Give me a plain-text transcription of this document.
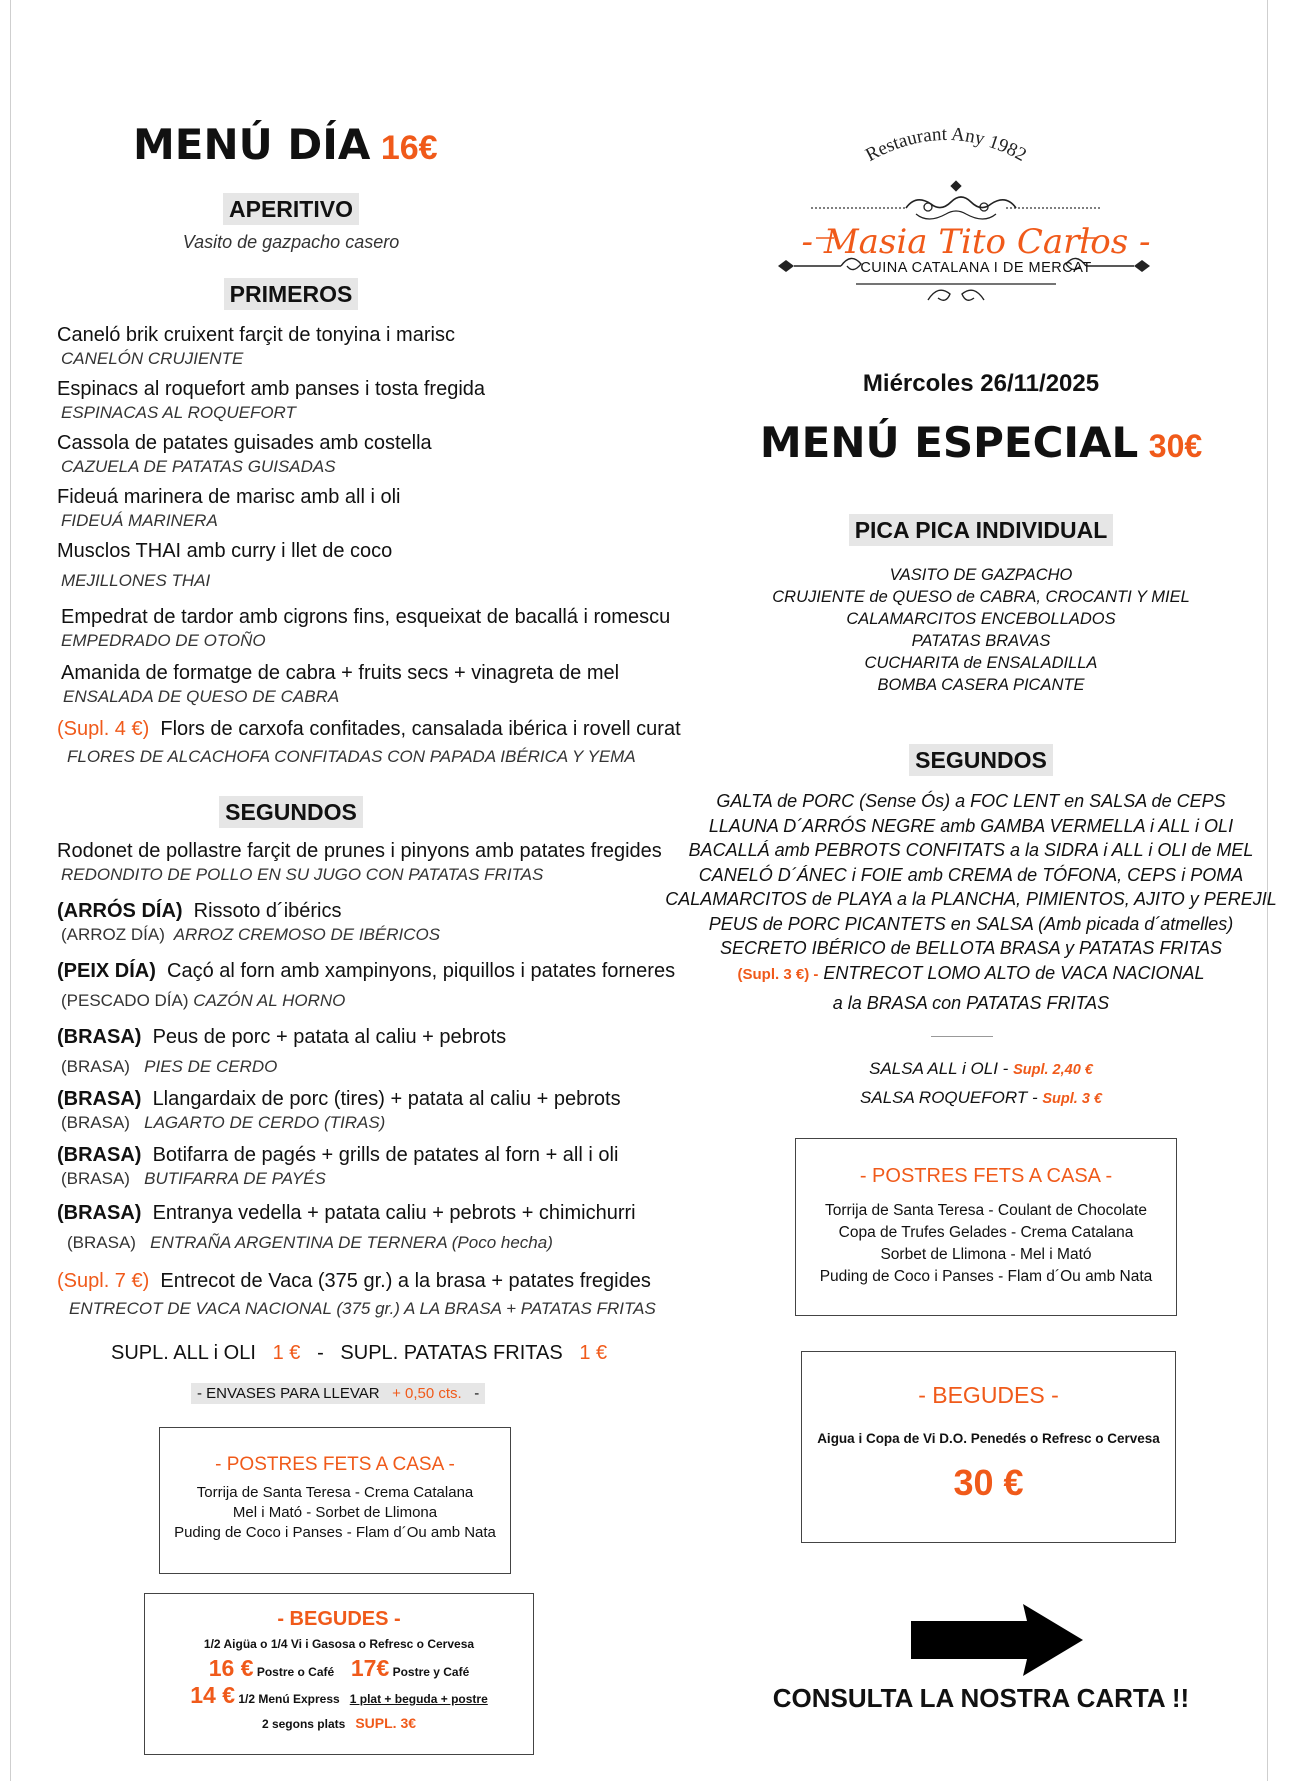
MENÚ DÍA 16€
APERITIVO
Vasito de gazpacho casero
PRIMEROS
Caneló brik cruixent farçit de tonyina i marisc
CANELÓN CRUJIENTE
Espinacs al roquefort amb panses i tosta fregida
ESPINACAS AL ROQUEFORT
Cassola de patates guisades amb costella
CAZUELA DE PATATAS GUISADAS
Fideuá marinera de marisc amb all i oli
FIDEUÁ MARINERA
Musclos THAI amb curry i llet de coco
MEJILLONES THAI
Empedrat de tardor amb cigrons fins, esqueixat de bacallá i romescu
EMPEDRADO DE OTOÑO
Amanida de formatge de cabra + fruits secs + vinagreta de mel
ENSALADA DE QUESO DE CABRA
(Supl. 4 €) Flors de carxofa confitades, cansalada ibérica i rovell curat
FLORES DE ALCACHOFA CONFITADAS CON PAPADA IBÉRICA Y YEMA
SEGUNDOS
Rodonet de pollastre farçit de prunes i pinyons amb patates fregides
REDONDITO DE POLLO EN SU JUGO CON PATATAS FRITAS
(ARRÓS DÍA) Rissoto d´ibérics
(ARROZ DÍA) ARROZ CREMOSO DE IBÉRICOS
(PEIX DÍA) Caçó al forn amb xampinyons, piquillos i patates forneres
(PESCADO DÍA) CAZÓN AL HORNO
(BRASA) Peus de porc + patata al caliu + pebrots
(BRASA) PIES DE CERDO
(BRASA) Llangardaix de porc (tires) + patata al caliu + pebrots
(BRASA) LAGARTO DE CERDO (TIRAS)
(BRASA) Botifarra de pagés + grills de patates al forn + all i oli
(BRASA) BUTIFARRA DE PAYÉS
(BRASA) Entranya vedella + patata caliu + pebrots + chimichurri
(BRASA) ENTRAÑA ARGENTINA DE TERNERA (Poco hecha)
(Supl. 7 €) Entrecot de Vaca (375 gr.) a la brasa + patates fregides
ENTRECOT DE VACA NACIONAL (375 gr.) A LA BRASA + PATATAS FRITAS
SUPL. ALL i OLI 1 € - SUPL. PATATAS FRITAS 1 €
- ENVASES PARA LLEVAR + 0,50 cts. -
- POSTRES FETS A CASA -
Torrija de Santa Teresa - Crema Catalana
Mel i Mató - Sorbet de Llimona
Puding de Coco i Panses - Flam d´Ou amb Nata
- BEGUDES -
1/2 Aigüa o 1/4 Vi i Gasosa o Refresc o Cervesa
16 € Postre o Café 17€ Postre y Café
14 € 1/2 Menú Express 1 plat + beguda + postre
2 segons plats SUPL. 3€
Restaurant Any 1982
- Masia Tito Carlos -
CUINA CATALANA I DE MERCAT
Miércoles 26/11/2025
MENÚ ESPECIAL 30€
PICA PICA INDIVIDUAL
VASITO DE GAZPACHO
CRUJIENTE de QUESO de CABRA, CROCANTI Y MIEL
CALAMARCITOS ENCEBOLLADOS
PATATAS BRAVAS
CUCHARITA de ENSALADILLA
BOMBA CASERA PICANTE
SEGUNDOS
GALTA de PORC (Sense Ós) a FOC LENT en SALSA de CEPS
LLAUNA D´ARRÓS NEGRE amb GAMBA VERMELLA i ALL i OLI
BACALLÁ amb PEBROTS CONFITATS a la SIDRA i ALL i OLI de MEL
CANELÓ D´ÁNEC i FOIE amb CREMA de TÓFONA, CEPS i POMA
CALAMARCITOS de PLAYA a la PLANCHA, PIMIENTOS, AJITO y PEREJIL
PEUS de PORC PICANTETS en SALSA (Amb picada d´atmelles)
SECRETO IBÉRICO de BELLOTA BRASA y PATATAS FRITAS
(Supl. 3 €) - ENTRECOT LOMO ALTO de VACA NACIONAL
a la BRASA con PATATAS FRITAS
SALSA ALL i OLI - Supl. 2,40 €
SALSA ROQUEFORT - Supl. 3 €
- POSTRES FETS A CASA -
Torrija de Santa Teresa - Coulant de Chocolate
Copa de Trufes Gelades - Crema Catalana
Sorbet de Llimona - Mel i Mató
Puding de Coco i Panses - Flam d´Ou amb Nata
- BEGUDES -
Aigua i Copa de Vi D.O. Penedés o Refresc o Cervesa
30 €
CONSULTA LA NOSTRA CARTA !!
